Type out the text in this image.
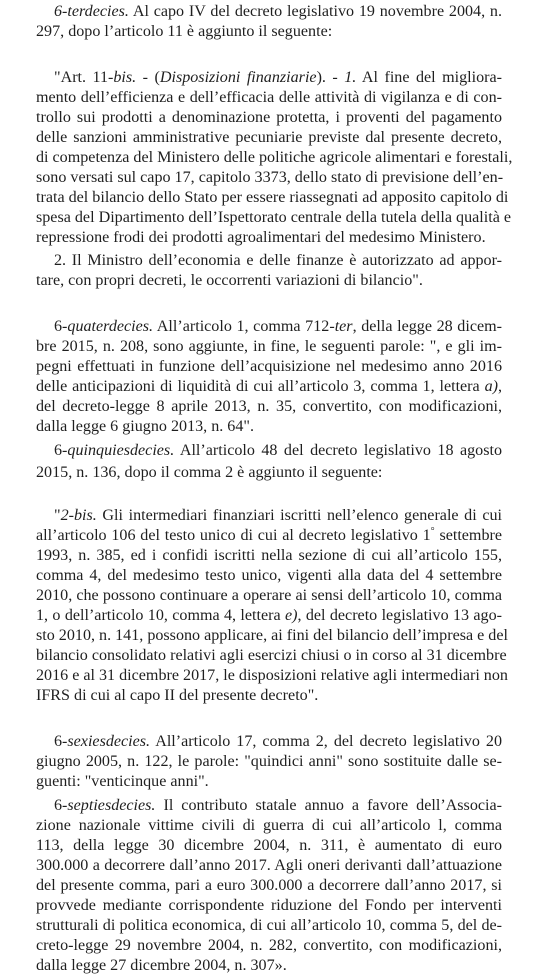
6-terdecies. Al capo IV del decreto legislativo 19 novembre 2004, n.
297, dopo l’articolo 11 è aggiunto il seguente:
"Art. 11-bis. - (Disposizioni finanziarie). - 1. Al fine del migliora-
mento dell’efficienza e dell’efficacia delle attività di vigilanza e di con-
trollo sui prodotti a denominazione protetta, i proventi del pagamento
delle sanzioni amministrative pecuniarie previste dal presente decreto,
di competenza del Ministero delle politiche agricole alimentari e forestali,
sono versati sul capo 17, capitolo 3373, dello stato di previsione dell’en-
trata del bilancio dello Stato per essere riassegnati ad apposito capitolo di
spesa del Dipartimento dell’Ispettorato centrale della tutela della qualità e
repressione frodi dei prodotti agroalimentari del medesimo Ministero.
2. Il Ministro dell’economia e delle finanze è autorizzato ad appor-
tare, con propri decreti, le occorrenti variazioni di bilancio".
6-quaterdecies. All’articolo 1, comma 712-ter, della legge 28 dicem-
bre 2015, n. 208, sono aggiunte, in fine, le seguenti parole: ", e gli im-
pegni effettuati in funzione dell’acquisizione nel medesimo anno 2016
delle anticipazioni di liquidità di cui all’articolo 3, comma 1, lettera a),
del decreto-legge 8 aprile 2013, n. 35, convertito, con modificazioni,
dalla legge 6 giugno 2013, n. 64".
6-quinquiesdecies. All’articolo 48 del decreto legislativo 18 agosto
2015, n. 136, dopo il comma 2 è aggiunto il seguente:
"2-bis. Gli intermediari finanziari iscritti nell’elenco generale di cui
all’articolo 106 del testo unico di cui al decreto legislativo 1° settembre
1993, n. 385, ed i confidi iscritti nella sezione di cui all’articolo 155,
comma 4, del medesimo testo unico, vigenti alla data del 4 settembre
2010, che possono continuare a operare ai sensi dell’articolo 10, comma
1, o dell’articolo 10, comma 4, lettera e), del decreto legislativo 13 ago-
sto 2010, n. 141, possono applicare, ai fini del bilancio dell’impresa e del
bilancio consolidato relativi agli esercizi chiusi o in corso al 31 dicembre
2016 e al 31 dicembre 2017, le disposizioni relative agli intermediari non
IFRS di cui al capo II del presente decreto".
6-sexiesdecies. All’articolo 17, comma 2, del decreto legislativo 20
giugno 2005, n. 122, le parole: "quindici anni" sono sostituite dalle se-
guenti: "venticinque anni".
6-septiesdecies. Il contributo statale annuo a favore dell’Associa-
zione nazionale vittime civili di guerra di cui all’articolo l, comma
113, della legge 30 dicembre 2004, n. 311, è aumentato di euro
300.000 a decorrere dall’anno 2017. Agli oneri derivanti dall’attuazione
del presente comma, pari a euro 300.000 a decorrere dall’anno 2017, si
provvede mediante corrispondente riduzione del Fondo per interventi
strutturali di politica economica, di cui all’articolo 10, comma 5, del de-
creto-legge 29 novembre 2004, n. 282, convertito, con modificazioni,
dalla legge 27 dicembre 2004, n. 307».
